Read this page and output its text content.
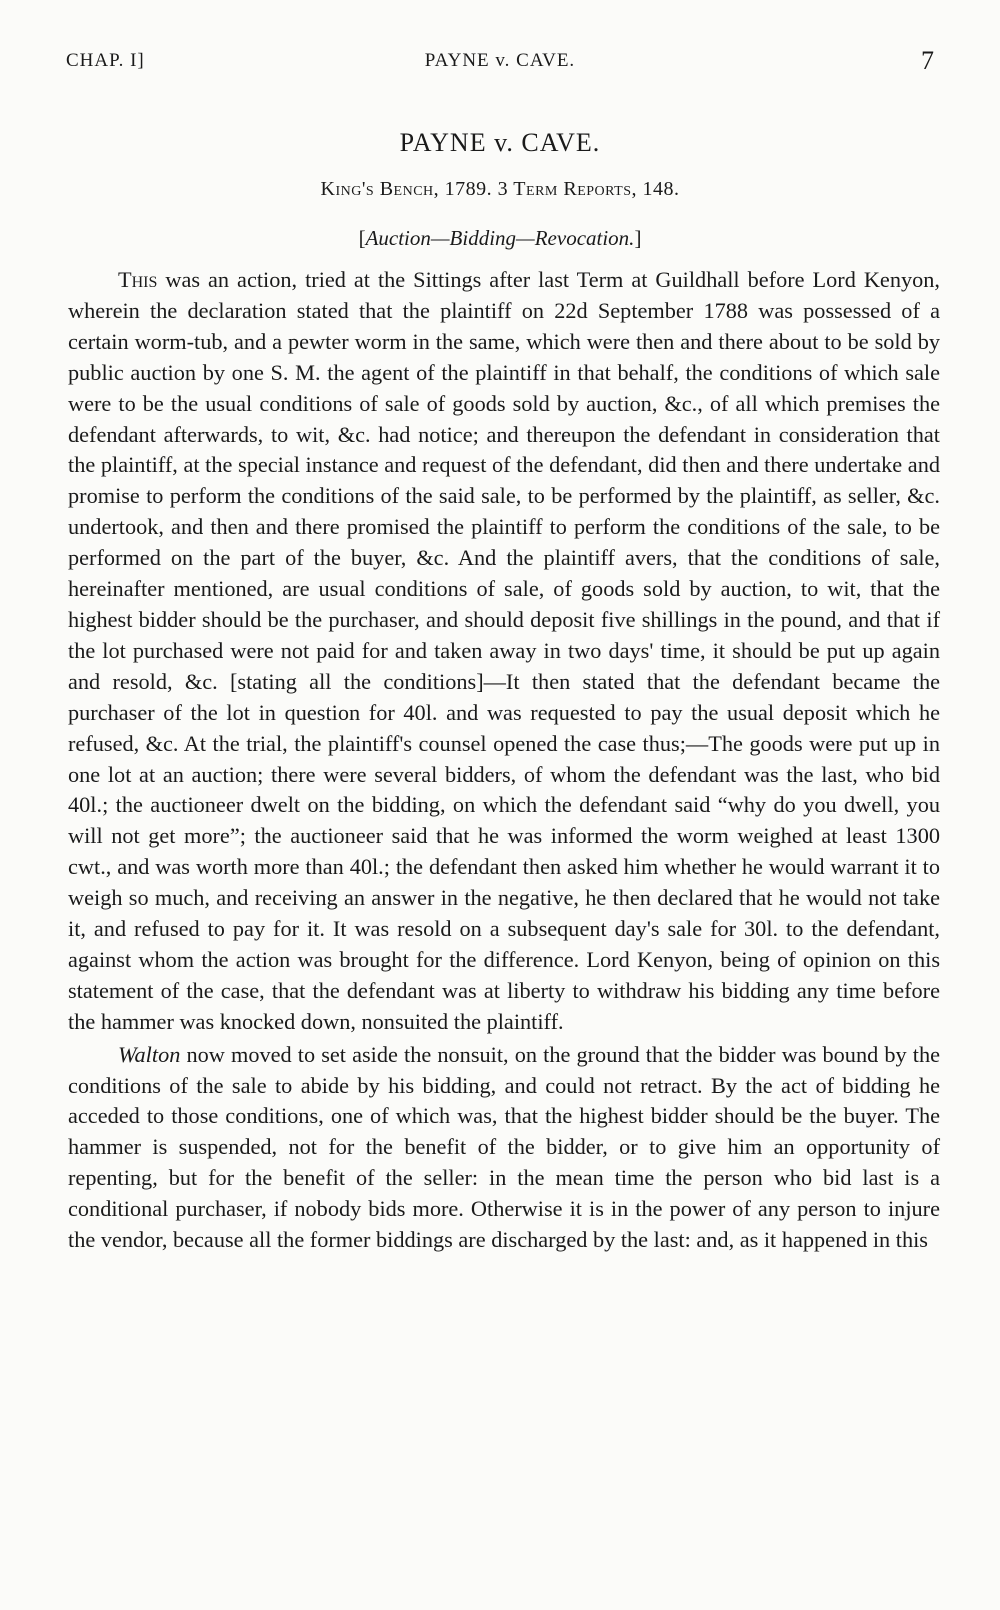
CHAP. I]	PAYNE v. CAVE.	7
PAYNE v. CAVE.
King's Bench, 1789. 3 Term Reports, 148.
[Auction—Bidding—Revocation.]

This was an action, tried at the Sittings after last Term at Guildhall before Lord Kenyon, wherein the declaration stated that the plaintiff on 22d September 1788 was possessed of a certain worm-tub, and a pewter worm in the same, which were then and there about to be sold by public auction by one S. M. the agent of the plaintiff in that behalf, the conditions of which sale were to be the usual conditions of sale of goods sold by auction, &c., of all which premises the defendant afterwards, to wit, &c. had notice; and thereupon the defendant in consideration that the plaintiff, at the special instance and request of the defendant, did then and there undertake and promise to perform the conditions of the said sale, to be performed by the plaintiff, as seller, &c. undertook, and then and there promised the plaintiff to perform the conditions of the sale, to be performed on the part of the buyer, &c. And the plaintiff avers, that the conditions of sale, hereinafter mentioned, are usual conditions of sale, of goods sold by auction, to wit, that the highest bidder should be the purchaser, and should deposit five shillings in the pound, and that if the lot purchased were not paid for and taken away in two days' time, it should be put up again and resold, &c. [stating all the conditions]—It then stated that the defendant became the purchaser of the lot in question for 40l. and was requested to pay the usual deposit which he refused, &c. At the trial, the plaintiff's counsel opened the case thus;—The goods were put up in one lot at an auction; there were several bidders, of whom the defendant was the last, who bid 40l.; the auctioneer dwelt on the bidding, on which the defendant said “why do you dwell, you will not get more”; the auctioneer said that he was informed the worm weighed at least 1300 cwt., and was worth more than 40l.; the defendant then asked him whether he would warrant it to weigh so much, and receiving an answer in the negative, he then declared that he would not take it, and refused to pay for it. It was resold on a subsequent day's sale for 30l. to the defendant, against whom the action was brought for the difference. Lord Kenyon, being of opinion on this statement of the case, that the defendant was at liberty to withdraw his bidding any time before the hammer was knocked down, nonsuited the plaintiff.

Walton now moved to set aside the nonsuit, on the ground that the bidder was bound by the conditions of the sale to abide by his bidding, and could not retract. By the act of bidding he acceded to those conditions, one of which was, that the highest bidder should be the buyer. The hammer is suspended, not for the benefit of the bidder, or to give him an opportunity of repenting, but for the benefit of the seller: in the mean time the person who bid last is a conditional purchaser, if nobody bids more. Otherwise it is in the power of any person to injure the vendor, because all the former biddings are discharged by the last: and, as it happened in this
